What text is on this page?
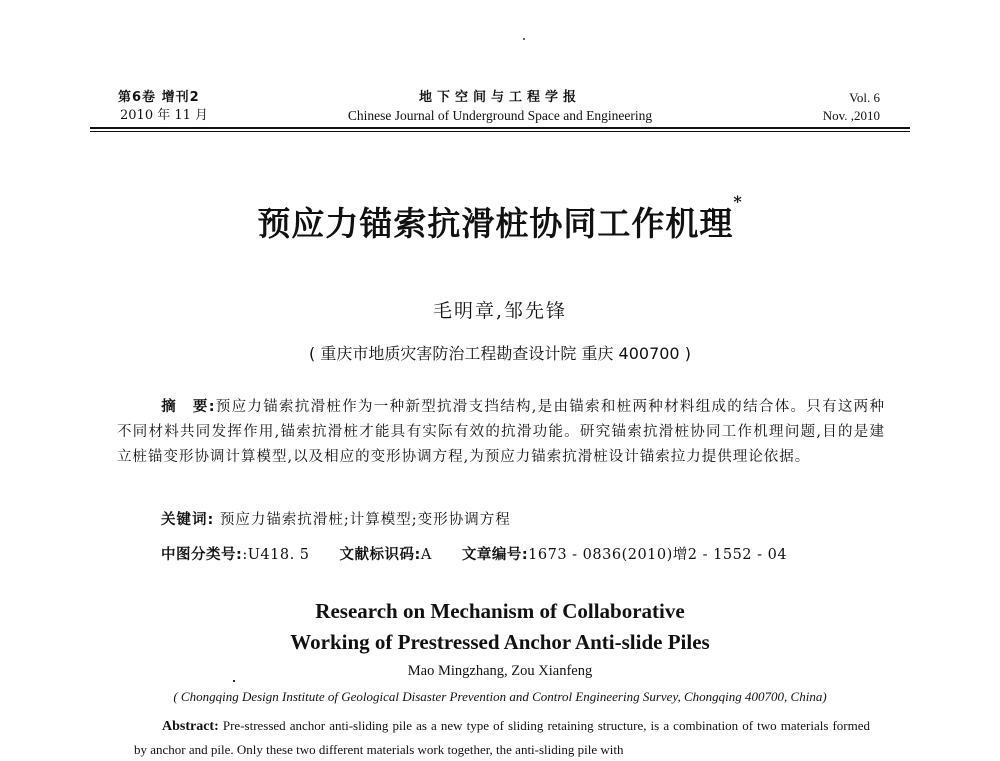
第6卷 增刊2
2010 年 11 月
地下空间与工程学报
Chinese Journal of Underground Space and Engineering
Vol. 6
Nov. ,2010
预应力锚索抗滑桩协同工作机理*
毛明章,邹先锋
( 重庆市地质灾害防治工程勘查设计院 重庆 400700 )
摘　要:预应力锚索抗滑桩作为一种新型抗滑支挡结构,是由锚索和桩两种材料组成的结合体。只有这两种不同材料共同发挥作用,锚索抗滑桩才能具有实际有效的抗滑功能。研究锚索抗滑桩协同工作机理问题,目的是建立桩锚变形协调计算模型,以及相应的变形协调方程,为预应力锚索抗滑桩设计锚索拉力提供理论依据。
关键词: 预应力锚索抗滑桩;计算模型;变形协调方程
中图分类号::U418. 5 文献标识码:A 文章编号:1673 - 0836(2010)增2 - 1552 - 04
Research on Mechanism of Collaborative
Working of Prestressed Anchor Anti-slide Piles
Mao Mingzhang, Zou Xianfeng
( Chongqing Design Institute of Geological Disaster Prevention and Control Engineering Survey, Chongqing 400700, China)
Abstract: Pre-stressed anchor anti-sliding pile as a new type of sliding retaining structure, is a combination of two materials formed by anchor and pile. Only these two different materials work together, the anti-sliding pile with
